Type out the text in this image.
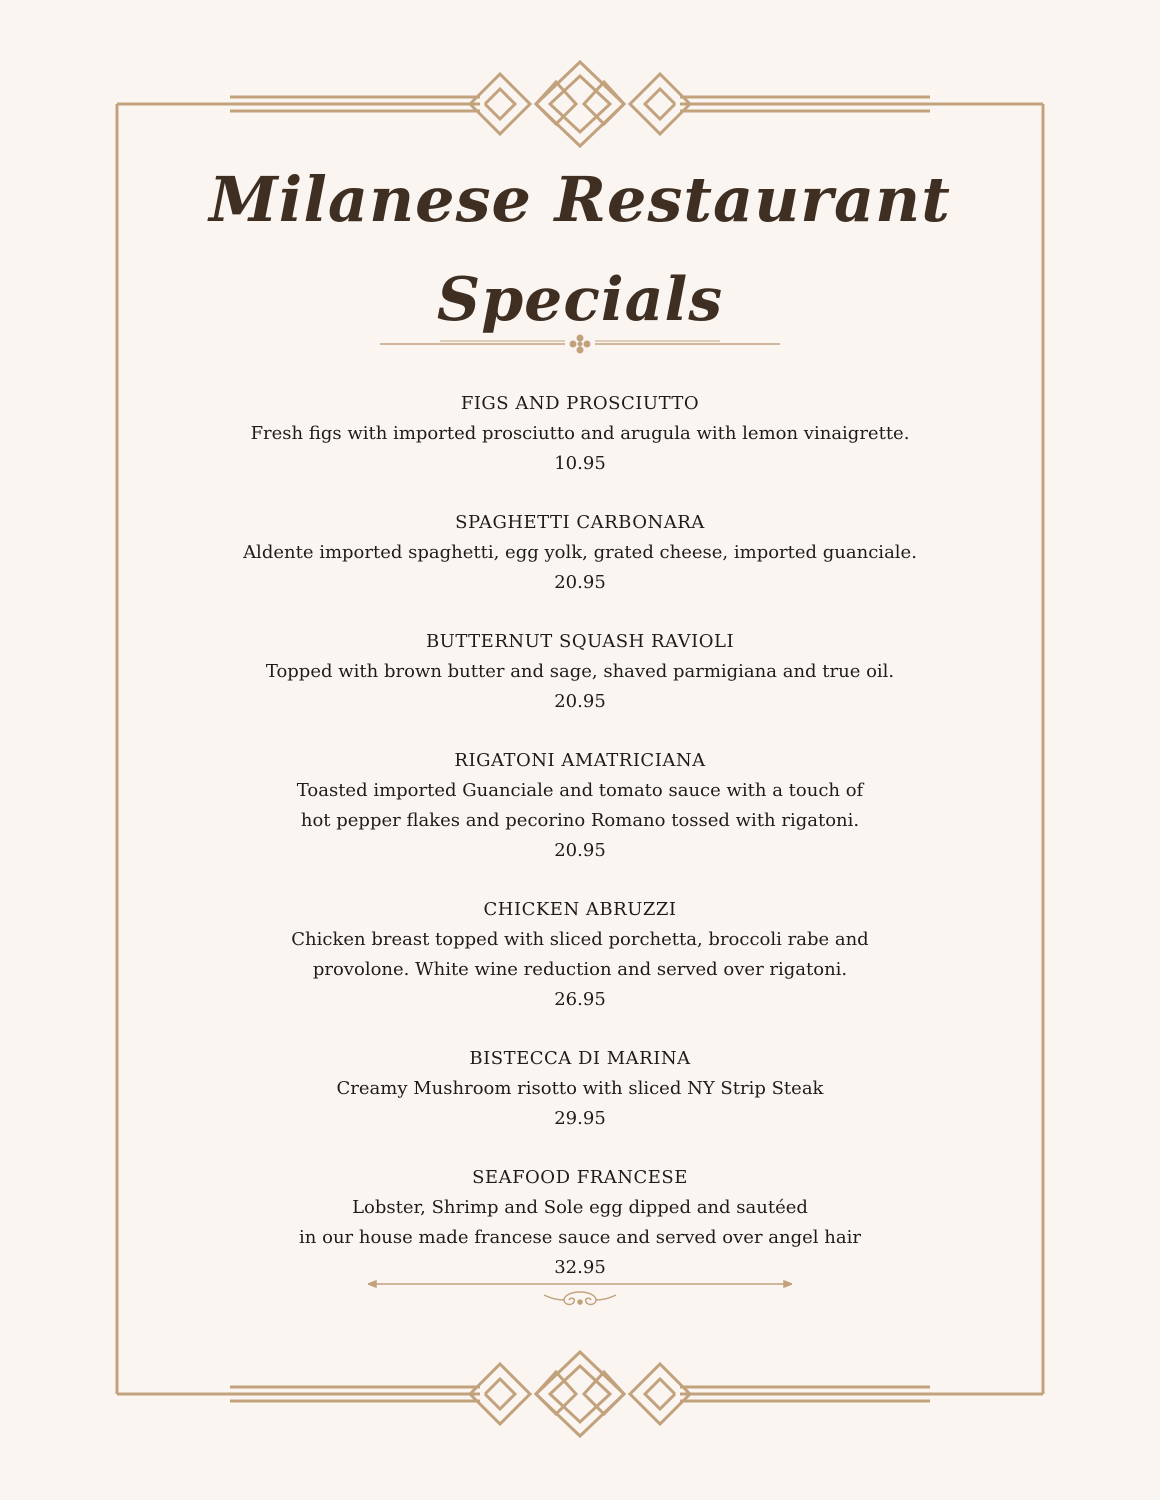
Milanese Restaurant
Specials
FIGS AND PROSCIUTTO
Fresh figs with imported prosciutto and arugula with lemon vinaigrette.
10.95
SPAGHETTI CARBONARA
Aldente imported spaghetti, egg yolk, grated cheese, imported guanciale.
20.95
BUTTERNUT SQUASH RAVIOLI
Topped with brown butter and sage, shaved parmigiana and true oil.
20.95
RIGATONI AMATRICIANA
Toasted imported Guanciale and tomato sauce with a touch of
hot pepper flakes and pecorino Romano tossed with rigatoni.
20.95
CHICKEN ABRUZZI
Chicken breast topped with sliced porchetta, broccoli rabe and
provolone. White wine reduction and served over rigatoni.
26.95
BISTECCA DI MARINA
Creamy Mushroom risotto with sliced NY Strip Steak
29.95
SEAFOOD FRANCESE
Lobster, Shrimp and Sole egg dipped and sautéed
in our house made francese sauce and served over angel hair
32.95
